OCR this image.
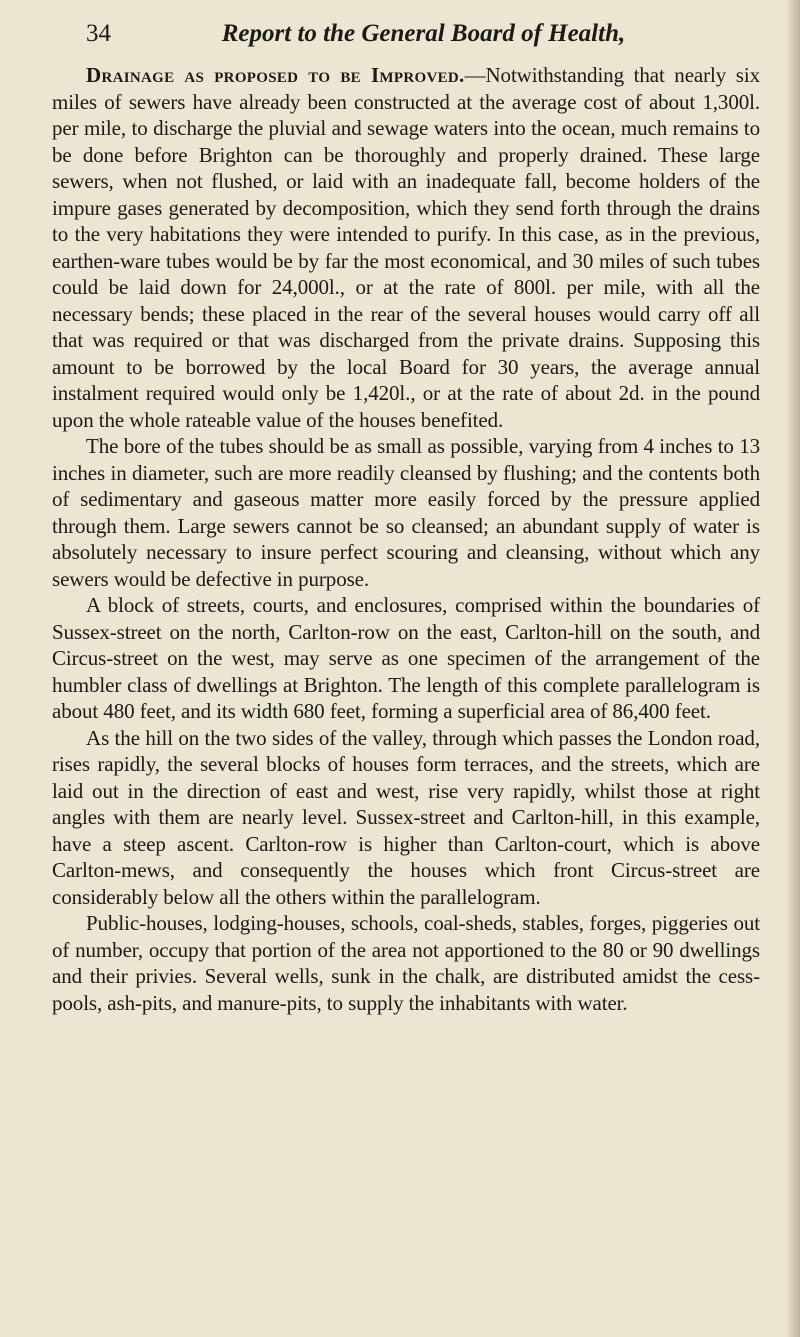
34	Report to the General Board of Health,

Drainage as proposed to be Improved.—Notwithstanding that nearly six miles of sewers have already been constructed at the average cost of about 1,300l. per mile, to discharge the pluvial and sewage waters into the ocean, much remains to be done before Brighton can be thoroughly and properly drained. These large sewers, when not flushed, or laid with an inadequate fall, become holders of the impure gases generated by decomposition, which they send forth through the drains to the very habitations they were intended to purify. In this case, as in the previous, earthen-ware tubes would be by far the most economical, and 30 miles of such tubes could be laid down for 24,000l., or at the rate of 800l. per mile, with all the necessary bends; these placed in the rear of the several houses would carry off all that was required or that was discharged from the private drains. Supposing this amount to be borrowed by the local Board for 30 years, the average annual instalment required would only be 1,420l., or at the rate of about 2d. in the pound upon the whole rateable value of the houses benefited.

The bore of the tubes should be as small as possible, varying from 4 inches to 13 inches in diameter, such are more readily cleansed by flushing; and the contents both of sedimentary and gaseous matter more easily forced by the pressure applied through them. Large sewers cannot be so cleansed; an abundant supply of water is absolutely necessary to insure perfect scouring and cleansing, without which any sewers would be defective in purpose.

A block of streets, courts, and enclosures, comprised within the boundaries of Sussex-street on the north, Carlton-row on the east, Carlton-hill on the south, and Circus-street on the west, may serve as one specimen of the arrangement of the humbler class of dwellings at Brighton. The length of this complete parallelogram is about 480 feet, and its width 680 feet, forming a superficial area of 86,400 feet.

As the hill on the two sides of the valley, through which passes the London road, rises rapidly, the several blocks of houses form terraces, and the streets, which are laid out in the direction of east and west, rise very rapidly, whilst those at right angles with them are nearly level. Sussex-street and Carlton-hill, in this example, have a steep ascent. Carlton-row is higher than Carlton-court, which is above Carlton-mews, and consequently the houses which front Circus-street are considerably below all the others within the parallelogram.

Public-houses, lodging-houses, schools, coal-sheds, stables, forges, piggeries out of number, occupy that portion of the area not apportioned to the 80 or 90 dwellings and their privies. Several wells, sunk in the chalk, are distributed amidst the cess-pools, ash-pits, and manure-pits, to supply the inhabitants with water.
